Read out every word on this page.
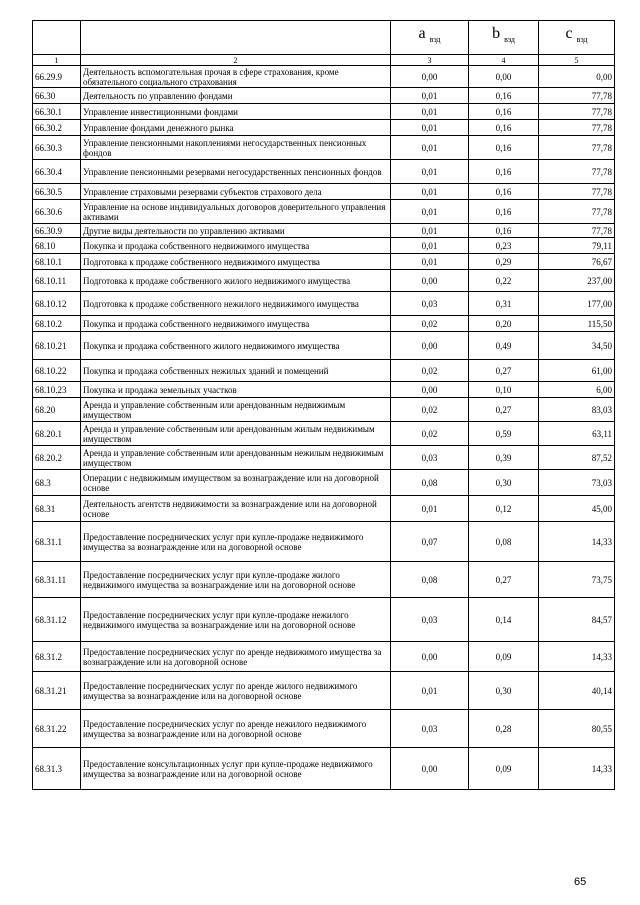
		a $_{вэд}$	b $_{вэд}$	c $_{вэд}$
1	2	3	4	5
66.29.9	Деятельность вспомогательная прочая в сфере страхования, кроме обязательного социального страхования	0,00	0,00	0,00
66.30	Деятельность по управлению фондами	0,01	0,16	77,78
66.30.1	Управление инвестиционными фондами	0,01	0,16	77,78
66.30.2	Управление фондами денежного рынка	0,01	0,16	77,78
66.30.3	Управление пенсионными накоплениями негосударственных пенсионных фондов	0,01	0,16	77,78
66.30.4	Управление пенсионными резервами негосударственных пенсионных фондов	0,01	0,16	77,78
66.30.5	Управление страховыми резервами субъектов страхового дела	0,01	0,16	77,78
66.30.6	Управление на основе индивидуальных договоров доверительного управления активами	0,01	0,16	77,78
66.30.9	Другие виды деятельности по управлению активами	0,01	0,16	77,78
68.10	Покупка и продажа собственного недвижимого имущества	0,01	0,23	79,11
68.10.1	Подготовка к продаже собственного недвижимого имущества	0,01	0,29	76,67
68.10.11	Подготовка к продаже собственного жилого недвижимого имущества	0,00	0,22	237,00
68.10.12	Подготовка к продаже собственного нежилого недвижимого имущества	0,03	0,31	177,00
68.10.2	Покупка и продажа собственного недвижимого имущества	0,02	0,20	115,50
68.10.21	Покупка и продажа собственного жилого недвижимого имущества	0,00	0,49	34,50
68.10.22	Покупка и продажа собственных нежилых зданий и помещений	0,02	0,27	61,00
68.10.23	Покупка и продажа земельных участков	0,00	0,10	6,00
68.20	Аренда и управление собственным или арендованным недвижимым имуществом	0,02	0,27	83,03
68.20.1	Аренда и управление собственным или арендованным жилым недвижимым имуществом	0,02	0,59	63,11
68.20.2	Аренда и управление собственным или арендованным нежилым недвижимым имуществом	0,03	0,39	87,52
68.3	Операции с недвижимым имуществом за вознаграждение или на договорной основе	0,08	0,30	73,03
68.31	Деятельность агентств недвижимости за вознаграждение или на договорной основе	0,01	0,12	45,00
68.31.1	Предоставление посреднических услуг при купле-продаже недвижимого имущества за вознаграждение или на договорной основе	0,07	0,08	14,33
68.31.11	Предоставление посреднических услуг при купле-продаже жилого недвижимого имущества за вознаграждение или на договорной основе	0,08	0,27	73,75
68.31.12	Предоставление посреднических услуг при купле-продаже нежилого недвижимого имущества за вознаграждение или на договорной основе	0,03	0,14	84,57
68.31.2	Предоставление посреднических услуг по аренде недвижимого имущества за вознаграждение или на договорной основе	0,00	0,09	14,33
68.31.21	Предоставление посреднических услуг по аренде жилого недвижимого имущества за вознаграждение или на договорной основе	0,01	0,30	40,14
68.31.22	Предоставление посреднических услуг по аренде нежилого недвижимого имущества за вознаграждение или на договорной основе	0,03	0,28	80,55
68.31.3	Предоставление консультационных услуг при купле-продаже недвижимого имущества за вознаграждение или на договорной основе	0,00	0,09	14,33
65
